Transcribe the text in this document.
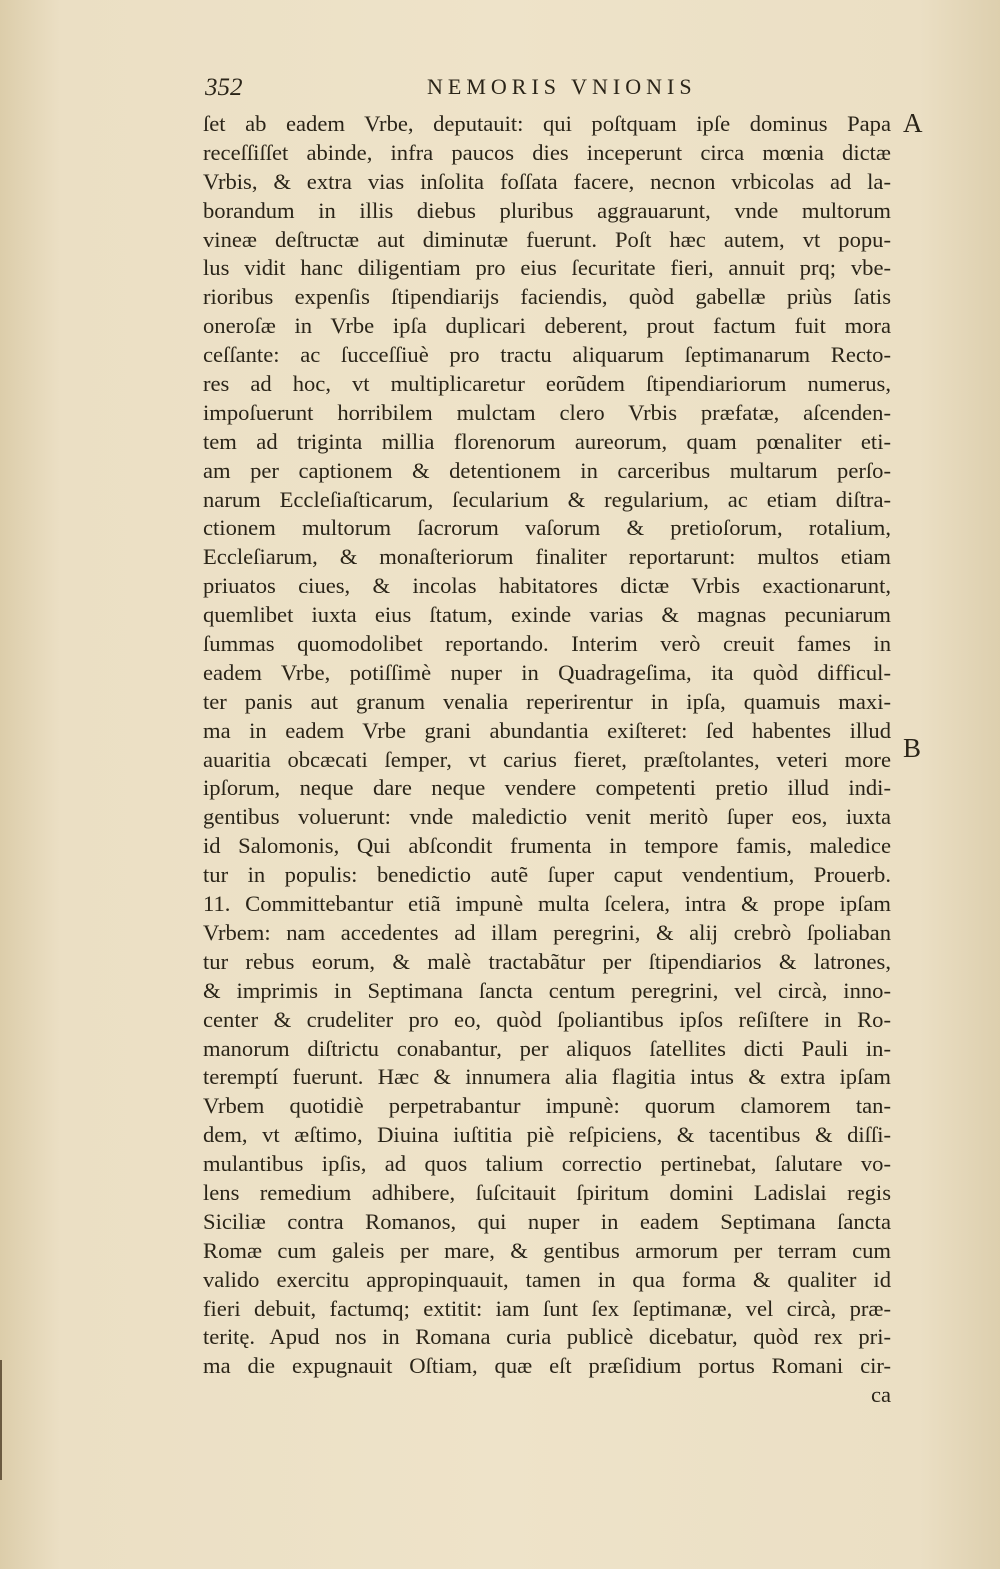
352	NEMORIS VNIONIS
A
B
ſet ab eadem Vrbe, deputauit: qui poſtquam ipſe dominus Papa
receſſiſſet abinde, infra paucos dies inceperunt circa mœnia dictæ
Vrbis, & extra vias inſolita foſſata facere, necnon vrbicolas ad la-
borandum in illis diebus pluribus aggrauarunt, vnde multorum
vineæ deſtructæ aut diminutæ fuerunt. Poſt hæc autem, vt popu-
lus vidit hanc diligentiam pro eius ſecuritate fieri, annuit prq; vbe-
rioribus expenſis ſtipendiarijs faciendis, quòd gabellæ priùs ſatis
oneroſæ in Vrbe ipſa duplicari deberent, prout factum fuit mora
ceſſante: ac ſucceſſiuè pro tractu aliquarum ſeptimanarum Recto-
res ad hoc, vt multiplicaretur eorũdem ſtipendiariorum numerus,
impoſuerunt horribilem mulctam clero Vrbis præfatæ, aſcenden-
tem ad triginta millia florenorum aureorum, quam pœnaliter eti-
am per captionem & detentionem in carceribus multarum perſo-
narum Eccleſiaſticarum, ſecularium & regularium, ac etiam diſtra-
ctionem multorum ſacrorum vaſorum & pretioſorum, rotalium,
Eccleſiarum, & monaſteriorum finaliter reportarunt: multos etiam
priuatos ciues, & incolas habitatores dictæ Vrbis exactionarunt,
quemlibet iuxta eius ſtatum, exinde varias & magnas pecuniarum
ſummas quomodolibet reportando. Interim verò creuit fames in
eadem Vrbe, potiſſimè nuper in Quadrageſima, ita quòd difficul-
ter panis aut granum venalia reperirentur in ipſa, quamuis maxi-
ma in eadem Vrbe grani abundantia exiſteret: ſed habentes illud
auaritia obcæcati ſemper, vt carius fieret, præſtolantes, veteri more
ipſorum, neque dare neque vendere competenti pretio illud indi-
gentibus voluerunt: vnde maledictio venit meritò ſuper eos, iuxta
id Salomonis, Qui abſcondit frumenta in tempore famis, maledice
tur in populis: benedictio autẽ ſuper caput vendentium, Prouerb.
11. Committebantur etiã impunè multa ſcelera, intra & prope ipſam
Vrbem: nam accedentes ad illam peregrini, & alij crebrò ſpoliaban
tur rebus eorum, & malè tractabãtur per ſtipendiarios & latrones,
& imprimis in Septimana ſancta centum peregrini, vel circà, inno-
center & crudeliter pro eo, quòd ſpoliantibus ipſos reſiſtere in Ro-
manorum diſtrictu conabantur, per aliquos ſatellites dicti Pauli in-
teremptí fuerunt. Hæc & innumera alia flagitia intus & extra ipſam
Vrbem quotidiè perpetrabantur impunè: quorum clamorem tan-
dem, vt æſtimo, Diuina iuſtitia piè reſpiciens, & tacentibus & diſſi-
mulantibus ipſis, ad quos talium correctio pertinebat, ſalutare vo-
lens remedium adhibere, ſuſcitauit ſpiritum domini Ladislai regis
Siciliæ contra Romanos, qui nuper in eadem Septimana ſancta
Romæ cum galeis per mare, & gentibus armorum per terram cum
valido exercitu appropinquauit, tamen in qua forma & qualiter id
fieri debuit, factumq; extitit: iam ſunt ſex ſeptimanæ, vel circà, præ-
teritę. Apud nos in Romana curia publicè dicebatur, quòd rex pri-
ma die expugnauit Oſtiam, quæ eſt præſidium portus Romani cir-
ca
